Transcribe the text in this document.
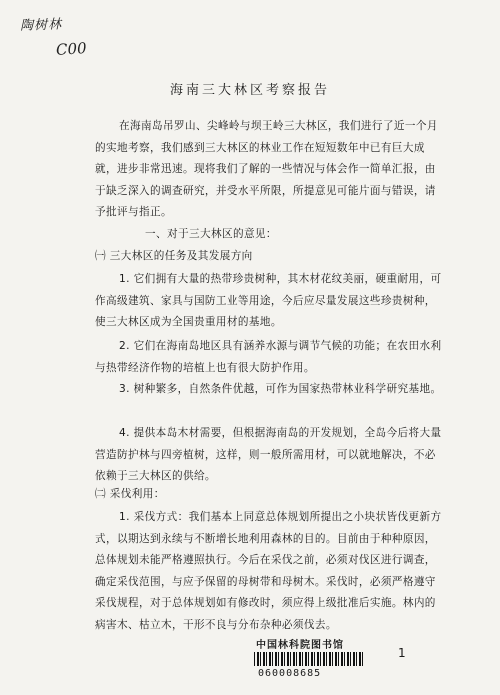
陶树林
C00
海南三大林区考察报告

在海南岛吊罗山、尖峰岭与坝王岭三大林区，我们进行了近一个月的实地考察，我们感到三大林区的林业工作在短短数年中已有巨大成就，进步非常迅速。现将我们了解的一些情况与体会作一简单汇报，由于缺乏深入的调查研究，并受水平所限，所提意见可能片面与错误，请予批评与指正。

一、对于三大林区的意见：

㈠ 三大林区的任务及其发展方向

1. 它们拥有大量的热带珍贵树种，其木材花纹美丽，硬重耐用，可作高级建筑、家具与国防工业等用途，今后应尽量发展这些珍贵树种，使三大林区成为全国贵重用材的基地。

2. 它们在海南岛地区具有涵养水源与调节气候的功能；在农田水利与热带经济作物的培植上也有很大防护作用。

3. 树种繁多，自然条件优越，可作为国家热带林业科学研究基地。

4. 提供本岛木材需要，但根据海南岛的开发规划，全岛今后将大量营造防护林与四旁植树，这样，则一般所需用材，可以就地解决，不必依赖于三大林区的供给。

㈡ 采伐利用：

1. 采伐方式：我们基本上同意总体规划所提出之小块状皆伐更新方式，以期达到永续与不断增长地利用森林的目的。目前由于种种原因，总体规划未能严格遵照执行。今后在采伐之前，必须对伐区进行调查，确定采伐范围，与应予保留的母树带和母树木。采伐时，必须严格遵守采伐规程，对于总体规划如有修改时，须应得上级批准后实施。林内的病害木、枯立木，干形不良与分布杂种必须伐去。

中国林科院图书馆
060008685
1
